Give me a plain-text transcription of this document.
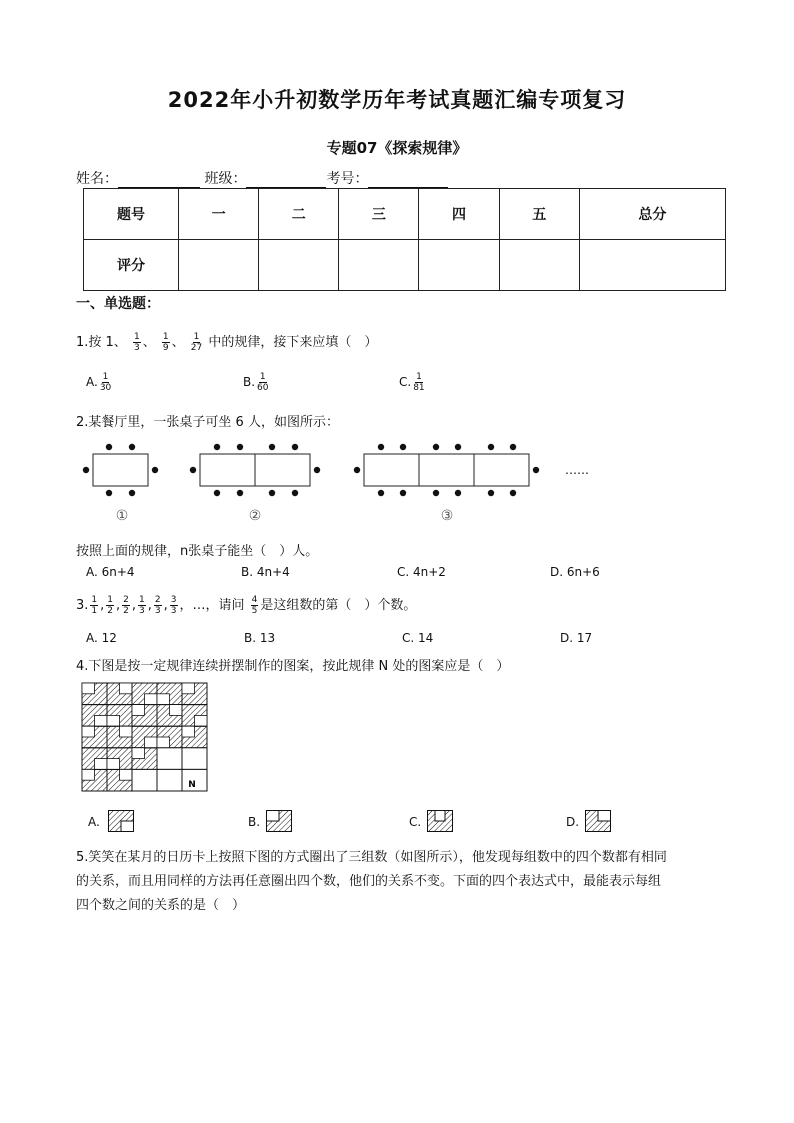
2022年小升初数学历年考试真题汇编专项复习
专题07《探索规律》
姓名：	班级：	考号：
题号	一	二	三	四	五	总分
评分						
一、单选题：
1.按 1、 $\frac{1}{3}$ 、 $\frac{1}{9}$ 、 $\frac{1}{27}$ 中的规律，接下来应填（　）
A. $\frac{1}{30}$	B. $\frac{1}{60}$	C. $\frac{1}{81}$
2.某餐厅里，一张桌子可坐 6 人，如图所示：
①	②	③
……
按照上面的规律，n张桌子能坐（　）人。
A. 6n+4	B. 4n+4	C. 4n+2	D. 6n+6
3. $\frac{1}{1}$ , $\frac{1}{2}$ , $\frac{2}{2}$ , $\frac{1}{3}$ , $\frac{2}{3}$ , $\frac{3}{3}$ ，…，请问 $\frac{4}{5}$ 是这组数的第（　）个数。
A. 12	B. 13	C. 14	D. 17
4.下图是按一定规律连续拼摆制作的图案，按此规律 N 处的图案应是（　）
N
A.	B.	C.	D.
5.笑笑在某月的日历卡上按照下图的方式圈出了三组数（如图所示），他发现每组数中的四个数都有相同
的关系，而且用同样的方法再任意圈出四个数，他们的关系不变。下面的四个表达式中，最能表示每组
四个数之间的关系的是（　）
